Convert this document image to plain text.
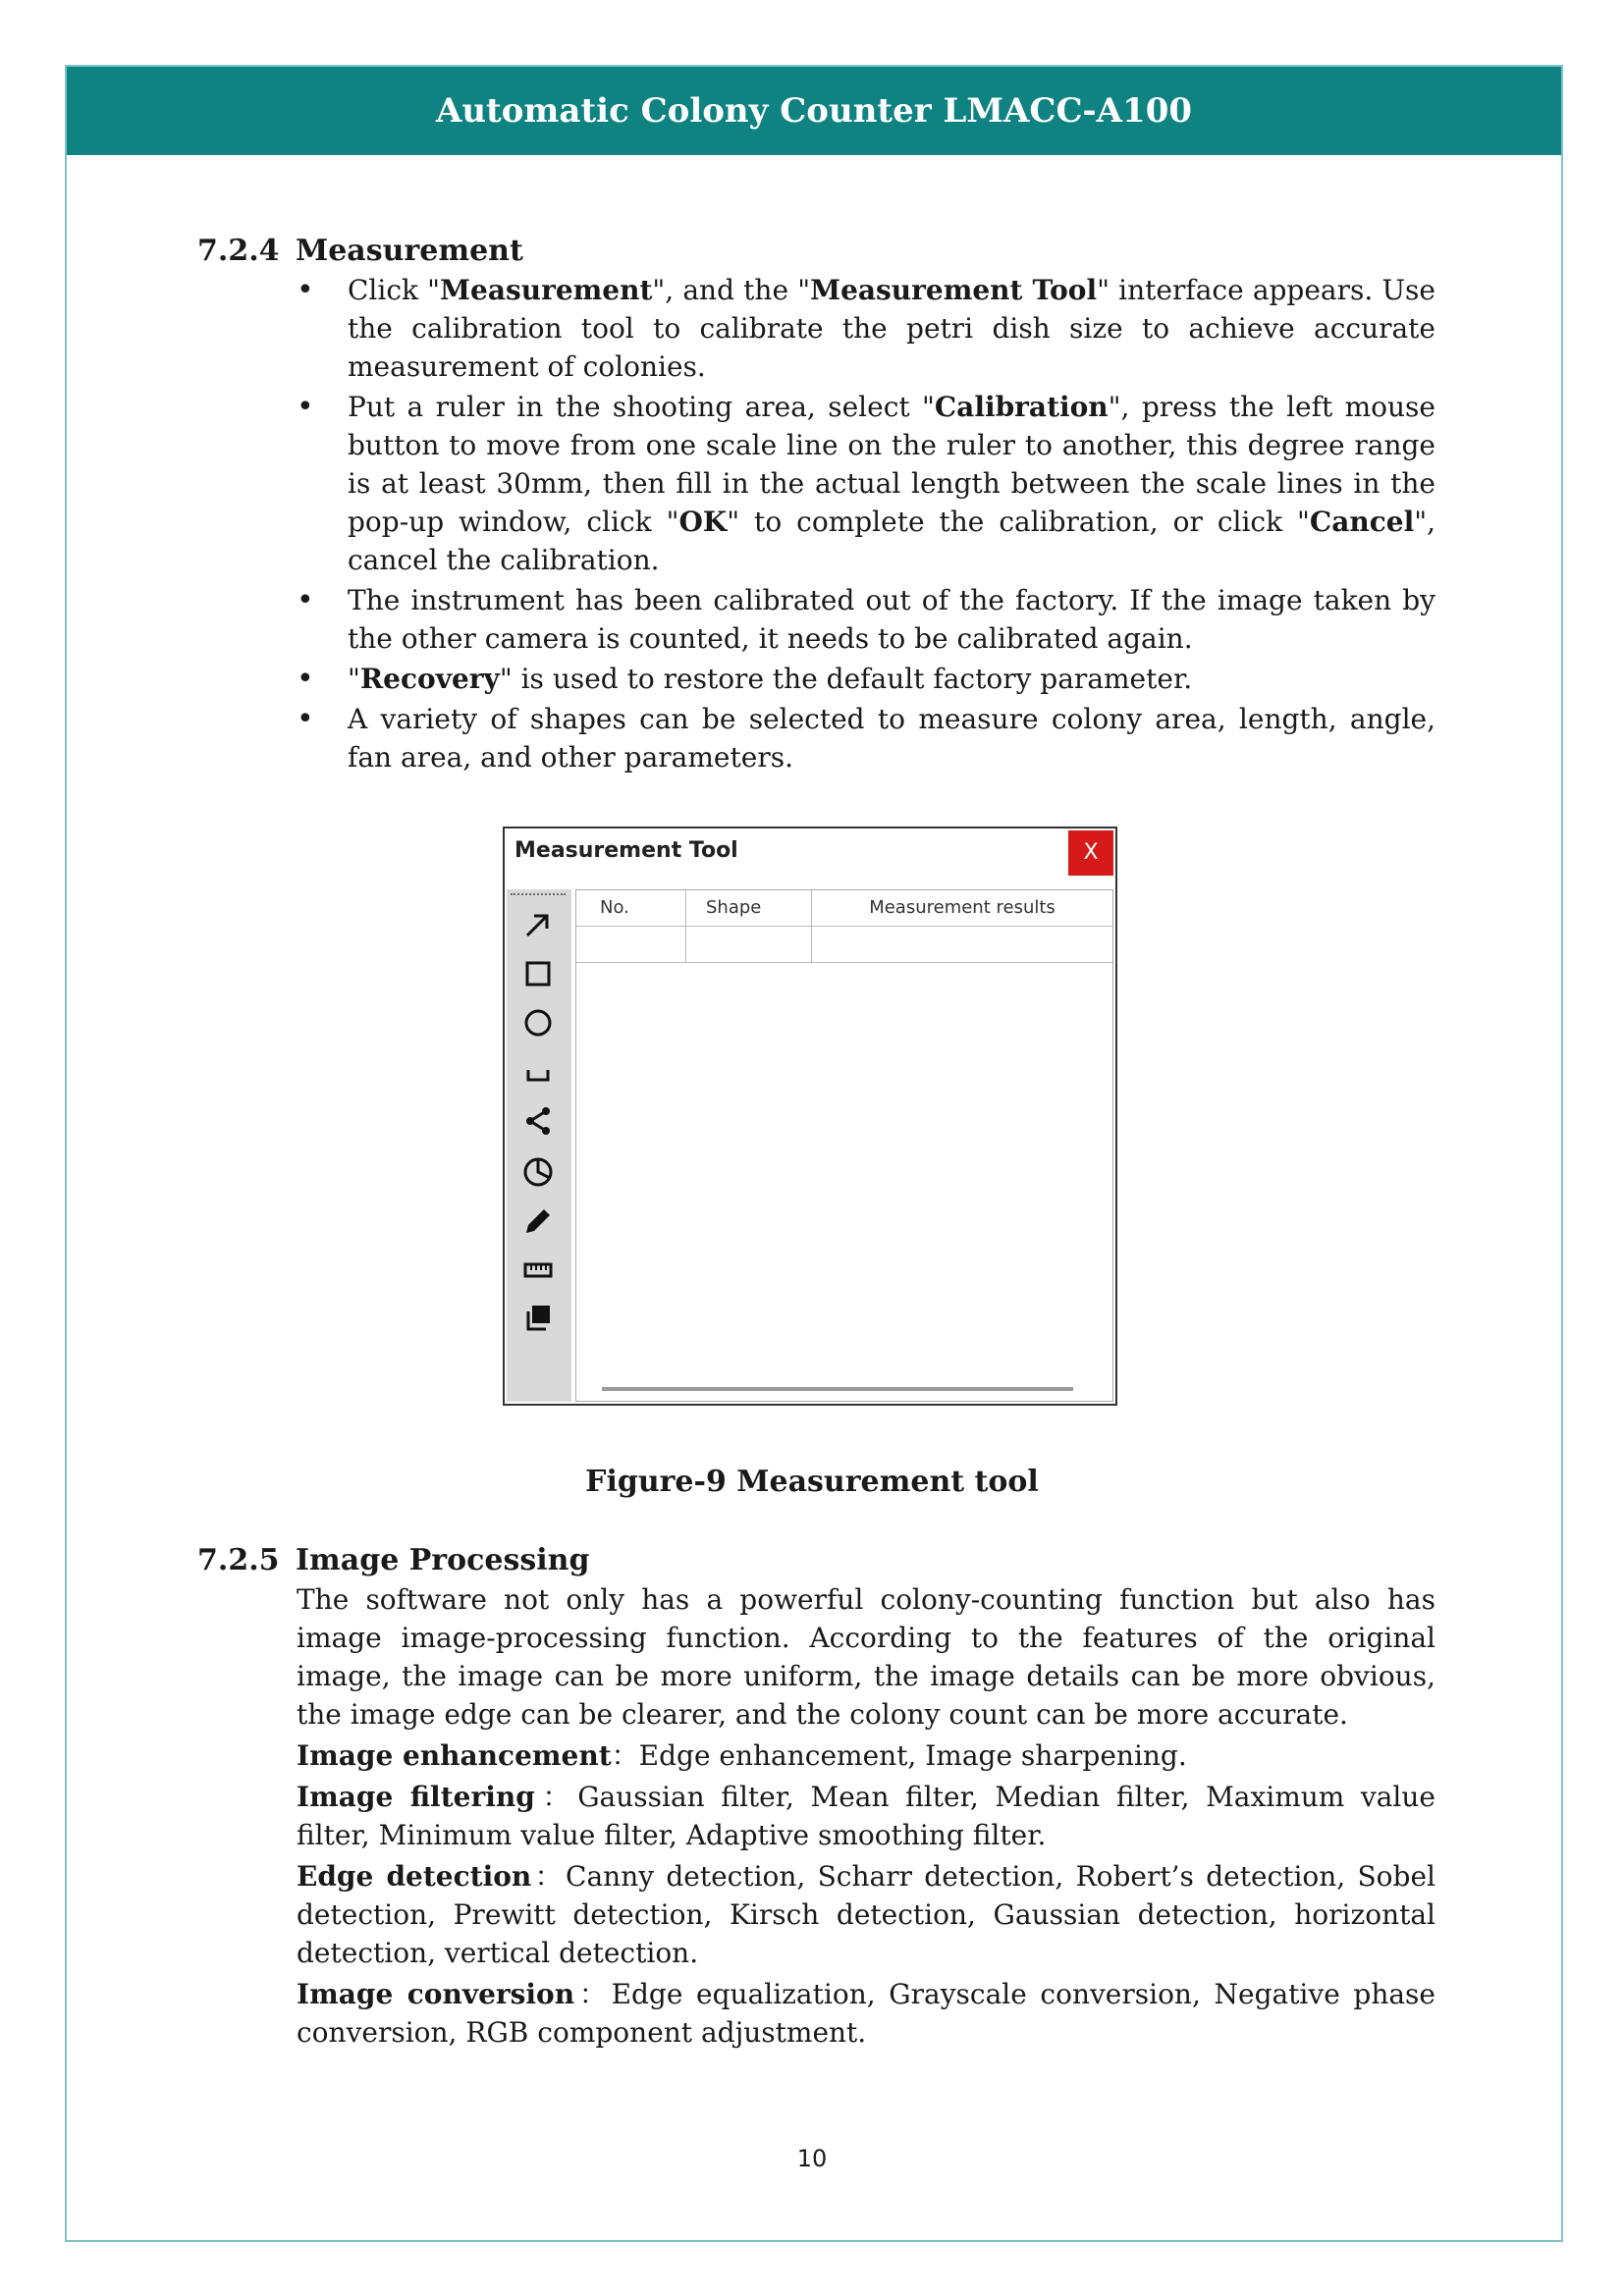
Automatic Colony Counter LMACC-A100
7.2.4 Measurement
• Click "Measurement", and the "Measurement Tool" interface appears. Use the calibration tool to calibrate the petri dish size to achieve accurate measurement of colonies.
• Put a ruler in the shooting area, select "Calibration", press the left mouse button to move from one scale line on the ruler to another, this degree range is at least 30mm, then fill in the actual length between the scale lines in the pop-up window, click "OK" to complete the calibration, or click "Cancel", cancel the calibration.
• The instrument has been calibrated out of the factory. If the image taken by the other camera is counted, it needs to be calibrated again.
• "Recovery" is used to restore the default factory parameter.
• A variety of shapes can be selected to measure colony area, length, angle, fan area, and other parameters.
Measurement Tool	X
No.	Shape	Measurement results
Figure-9 Measurement tool
7.2.5 Image Processing

The software not only has a powerful colony-counting function but also has image image-processing function. According to the features of the original image, the image can be more uniform, the image details can be more obvious, the image edge can be clearer, and the colony count can be more accurate.

Image enhancement：Edge enhancement, Image sharpening.

Image filtering：Gaussian filter, Mean filter, Median filter, Maximum value filter, Minimum value filter, Adaptive smoothing filter.

Edge detection：Canny detection, Scharr detection, Robert’s detection, Sobel detection, Prewitt detection, Kirsch detection, Gaussian detection, horizontal detection, vertical detection.

Image conversion：Edge equalization, Grayscale conversion, Negative phase conversion, RGB component adjustment.

10
